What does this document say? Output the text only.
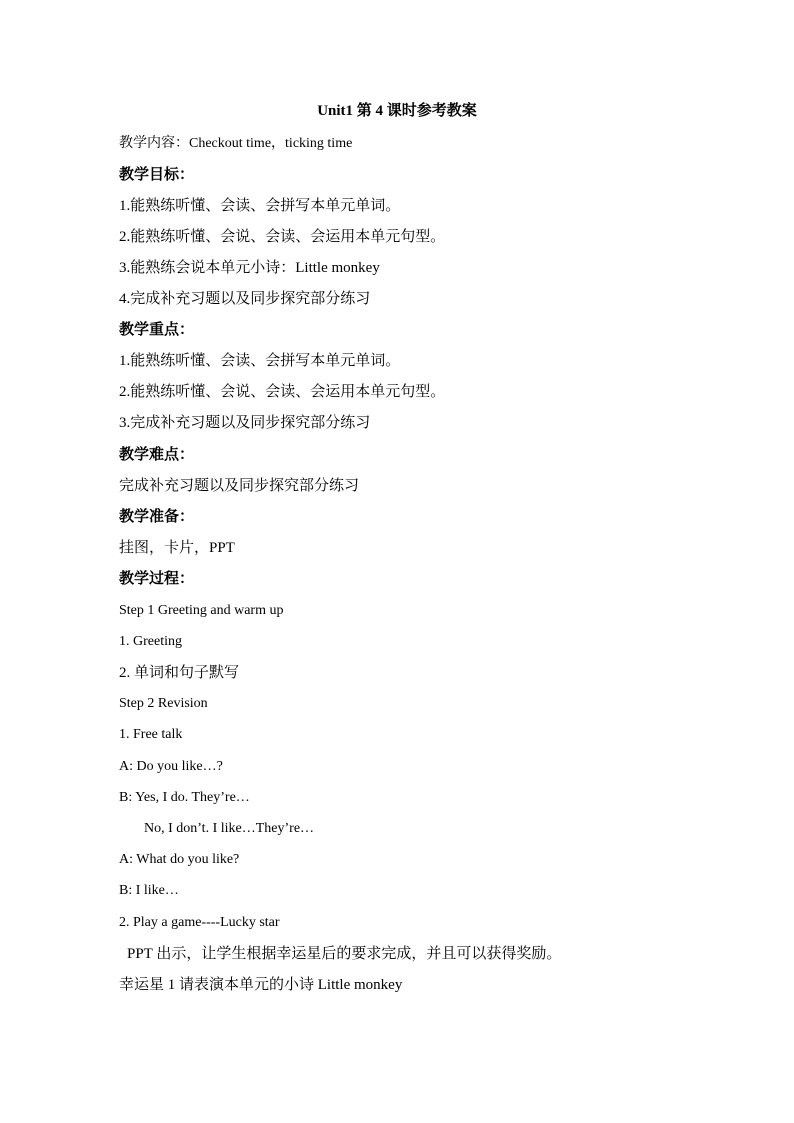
Unit1 第 4 课时参考教案
教学内容：Checkout time，ticking time
教学目标：
1.能熟练听懂、会读、会拼写本单元单词。
2.能熟练听懂、会说、会读、会运用本单元句型。
3.能熟练会说本单元小诗：Little monkey
4.完成补充习题以及同步探究部分练习
教学重点：
1.能熟练听懂、会读、会拼写本单元单词。
2.能熟练听懂、会说、会读、会运用本单元句型。
3.完成补充习题以及同步探究部分练习
教学难点：
完成补充习题以及同步探究部分练习
教学准备：
挂图，卡片，PPT
教学过程：
Step 1 Greeting and warm up
1. Greeting
2. 单词和句子默写
Step 2 Revision
1. Free talk
A: Do you like…?
B: Yes, I do. They’re…
No, I don’t. I like…They’re…
A: What do you like?
B: I like…
2. Play a game----Lucky star
PPT 出示，让学生根据幸运星后的要求完成，并且可以获得奖励。
幸运星 1 请表演本单元的小诗 Little monkey
